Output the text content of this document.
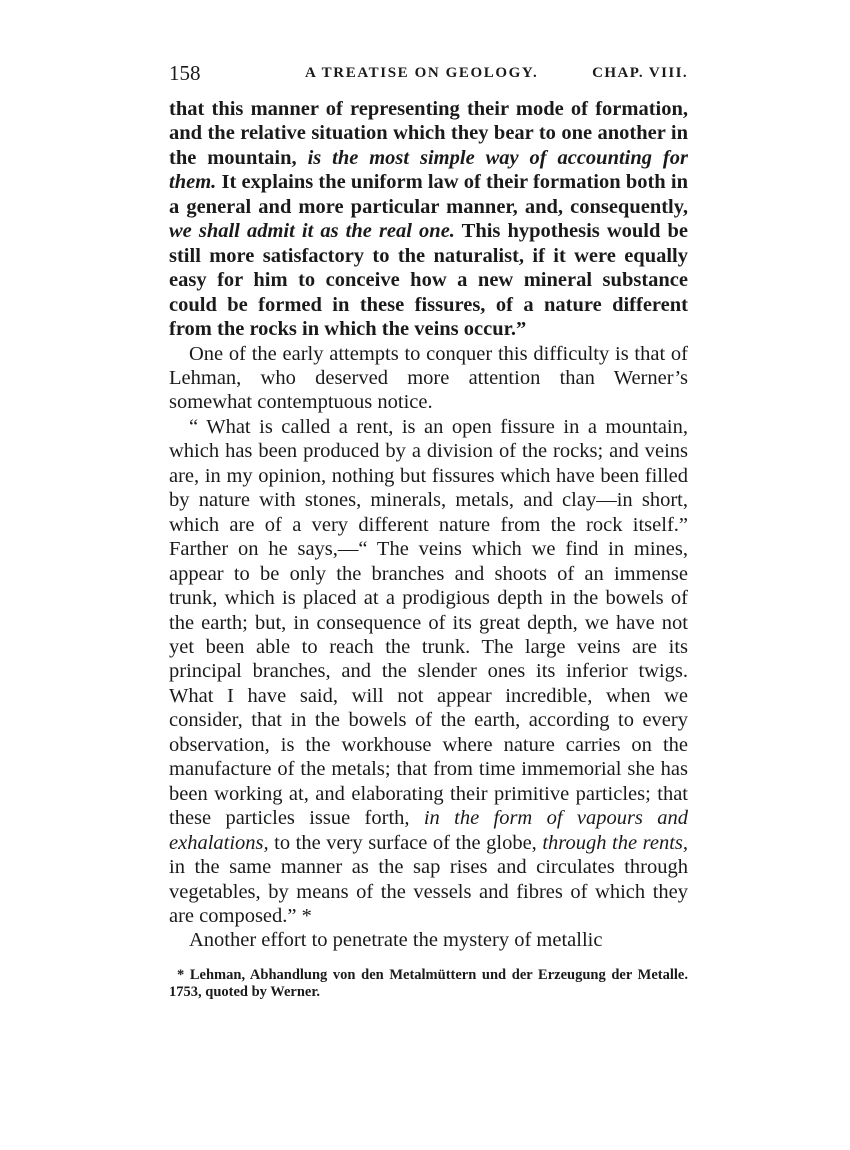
158	A TREATISE ON GEOLOGY.	CHAP. VIII.

that this manner of representing their mode of formation, and the relative situation which they bear to one another in the mountain, is the most simple way of accounting for them. It explains the uniform law of their formation both in a general and more particular manner, and, consequently, we shall admit it as the real one. This hypothesis would be still more satisfactory to the naturalist, if it were equally easy for him to conceive how a new mineral substance could be formed in these fissures, of a nature different from the rocks in which the veins occur.”

One of the early attempts to conquer this difficulty is that of Lehman, who deserved more attention than Werner’s somewhat contemptuous notice.

“ What is called a rent, is an open fissure in a mountain, which has been produced by a division of the rocks; and veins are, in my opinion, nothing but fissures which have been filled by nature with stones, minerals, metals, and clay—in short, which are of a very different nature from the rock itself.” Farther on he says,—“ The veins which we find in mines, appear to be only the branches and shoots of an immense trunk, which is placed at a prodigious depth in the bowels of the earth; but, in consequence of its great depth, we have not yet been able to reach the trunk. The large veins are its principal branches, and the slender ones its inferior twigs. What I have said, will not appear incredible, when we consider, that in the bowels of the earth, according to every observation, is the workhouse where nature carries on the manufacture of the metals; that from time immemorial she has been working at, and elaborating their primitive particles; that these particles issue forth, in the form of vapours and exhalations, to the very surface of the globe, through the rents, in the same manner as the sap rises and circulates through vegetables, by means of the vessels and fibres of which they are composed.” *

Another effort to penetrate the mystery of metallic

* Lehman, Abhandlung von den Metalmüttern und der Erzeugung der Metalle. 1753, quoted by Werner.
